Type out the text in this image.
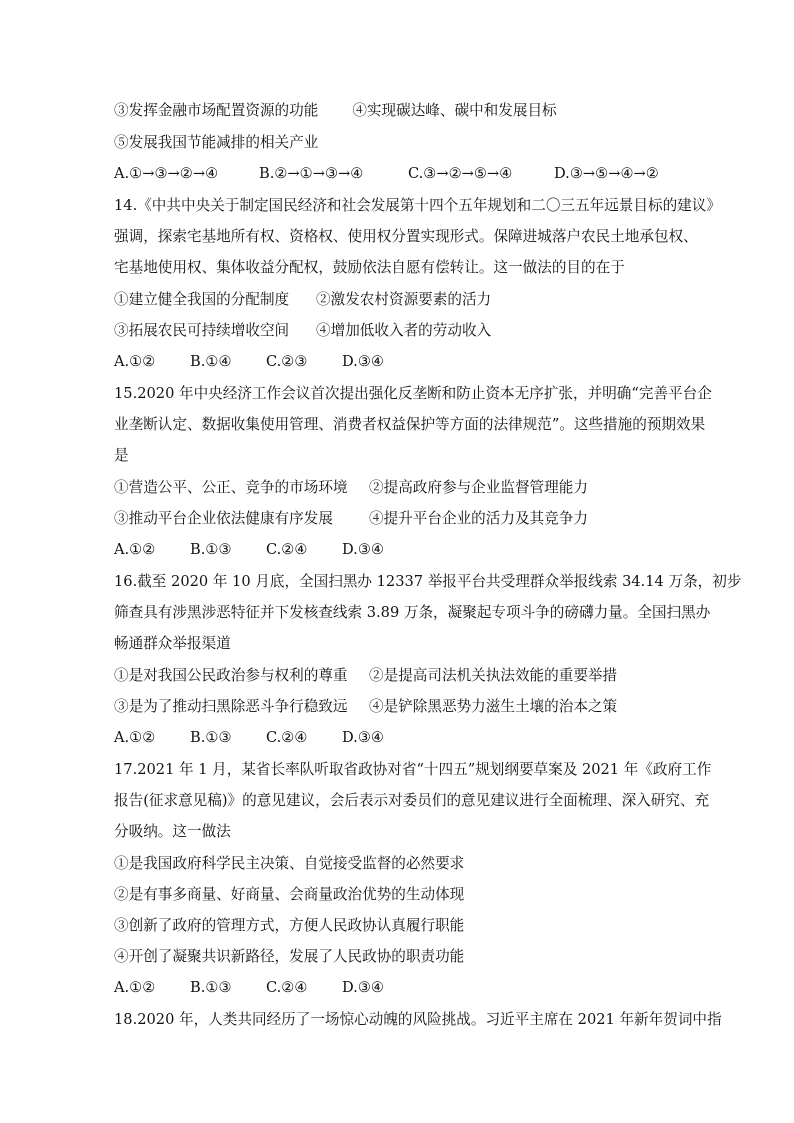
③发挥金融市场配置资源的功能 ④实现碳达峰、碳中和发展目标
⑤发展我国节能减排的相关产业
A.①→③→②→④	B.②→①→③→④	C.③→②→⑤→④	D.③→⑤→④→②
14.《中共中央关于制定国民经济和社会发展第十四个五年规划和二〇三五年远景目标的建议》
强调，探索宅基地所有权、资格权、使用权分置实现形式。保障进城落户农民土地承包权、
宅基地使用权、集体收益分配权，鼓励依法自愿有偿转让。这一做法的目的在于
①建立健全我国的分配制度 ②激发农村资源要素的活力
③拓展农民可持续增收空间 ④增加低收入者的劳动收入
A.①② B.①④ C.②③ D.③④
15.2020 年中央经济工作会议首次提出强化反垄断和防止资本无序扩张，并明确“完善平台企
业垄断认定、数据收集使用管理、消费者权益保护等方面的法律规范”。这些措施的预期效果
是
①营造公平、公正、竞争的市场环境 ②提高政府参与企业监督管理能力
③推动平台企业依法健康有序发展 ④提升平台企业的活力及其竞争力
A.①② B.①③ C.②④ D.③④
16.截至 2020 年 10 月底，全国扫黑办 12337 举报平台共受理群众举报线索 34.14 万条，初步
筛查具有涉黑涉恶特征并下发核查线索 3.89 万条，凝聚起专项斗争的磅礴力量。全国扫黑办
畅通群众举报渠道
①是对我国公民政治参与权利的尊重 ②是提高司法机关执法效能的重要举措
③是为了推动扫黑除恶斗争行稳致远 ④是铲除黑恶势力滋生土壤的治本之策
A.①② B.①③ C.②④ D.③④
17.2021 年 1 月，某省长率队听取省政协对省“十四五”规划纲要草案及 2021 年《政府工作
报告(征求意见稿)》的意见建议，会后表示对委员们的意见建议进行全面梳理、深入研究、充
分吸纳。这一做法
①是我国政府科学民主决策、自觉接受监督的必然要求
②是有事多商量、好商量、会商量政治优势的生动体现
③创新了政府的管理方式，方便人民政协认真履行职能
④开创了凝聚共识新路径，发展了人民政协的职责功能
A.①② B.①③ C.②④ D.③④
18.2020 年，人类共同经历了一场惊心动魄的风险挑战。习近平主席在 2021 年新年贺词中指
